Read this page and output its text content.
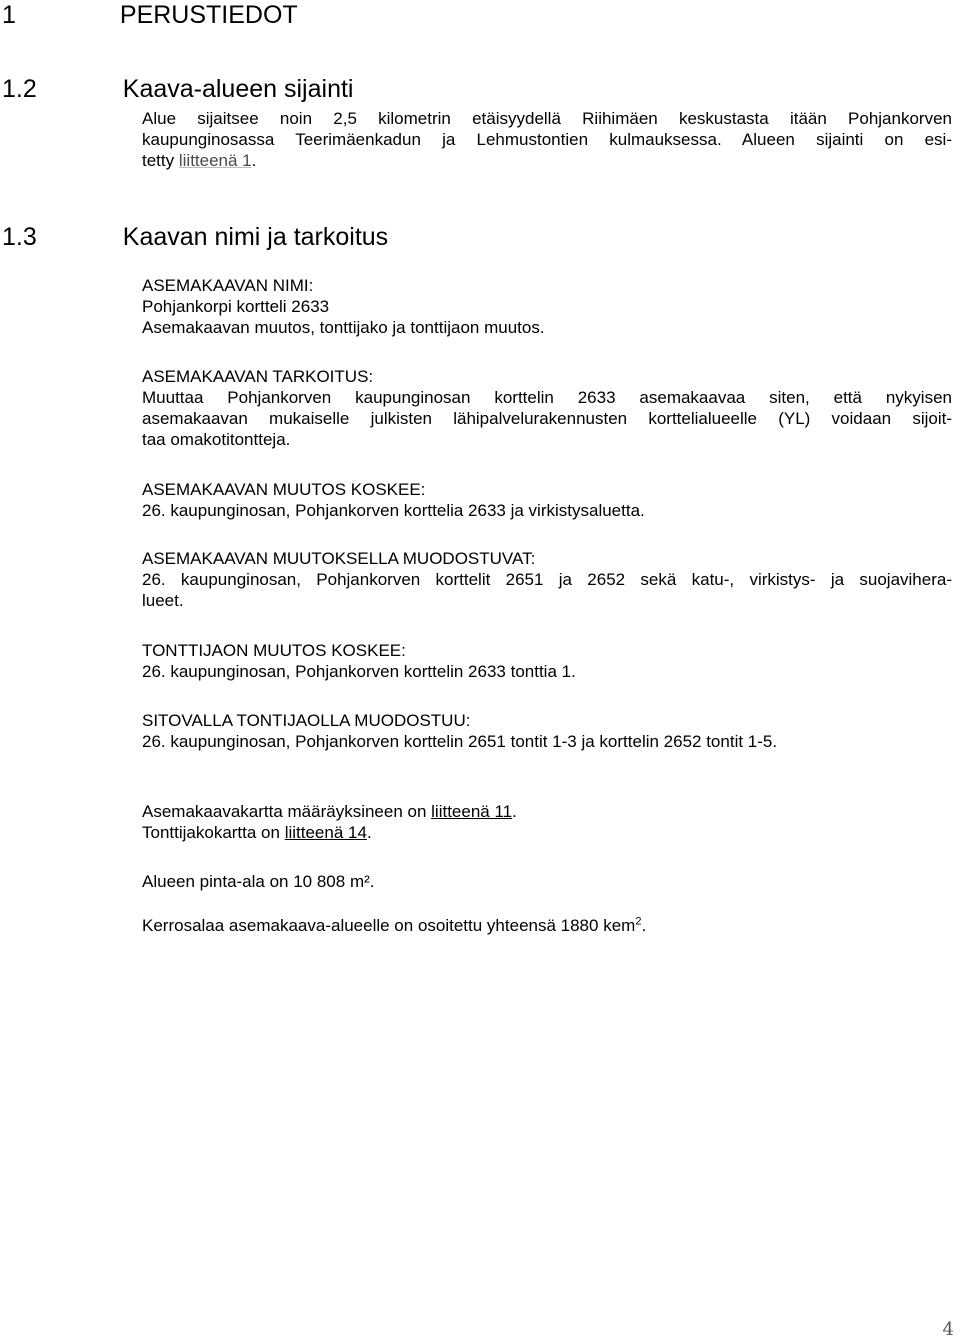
1	PERUSTIEDOT
1.2	Kaava-alueen sijainti
Alue sijaitsee noin 2,5 kilometrin etäisyydellä Riihimäen keskustasta itään Pohjankorven
kaupunginosassa Teerimäenkadun ja Lehmustontien kulmauksessa. Alueen sijainti on esi-
tetty liitteenä 1.
1.3	Kaavan nimi ja tarkoitus
ASEMAKAAVAN NIMI:
Pohjankorpi kortteli 2633
Asemakaavan muutos, tonttijako ja tonttijaon muutos.
ASEMAKAAVAN TARKOITUS:
Muuttaa Pohjankorven kaupunginosan korttelin 2633 asemakaavaa siten, että nykyisen
asemakaavan mukaiselle julkisten lähipalvelurakennusten korttelialueelle (YL) voidaan sijoit-
taa omakotitontteja.
ASEMAKAAVAN MUUTOS KOSKEE:
26. kaupunginosan, Pohjankorven korttelia 2633 ja virkistysaluetta.
ASEMAKAAVAN MUUTOKSELLA MUODOSTUVAT:
26. kaupunginosan, Pohjankorven korttelit 2651 ja 2652 sekä katu-, virkistys- ja suojavihera-
lueet.
TONTTIJAON MUUTOS KOSKEE:
26. kaupunginosan, Pohjankorven korttelin 2633 tonttia 1.
SITOVALLA TONTIJAOLLA MUODOSTUU:
26. kaupunginosan, Pohjankorven korttelin 2651 tontit 1-3 ja korttelin 2652 tontit 1-5.
Asemakaavakartta määräyksineen on liitteenä 11.
Tonttijakokartta on liitteenä 14.
Alueen pinta-ala on 10 808 m².
Kerrosalaa asemakaava-alueelle on osoitettu yhteensä 1880 kem$^2$.
4
